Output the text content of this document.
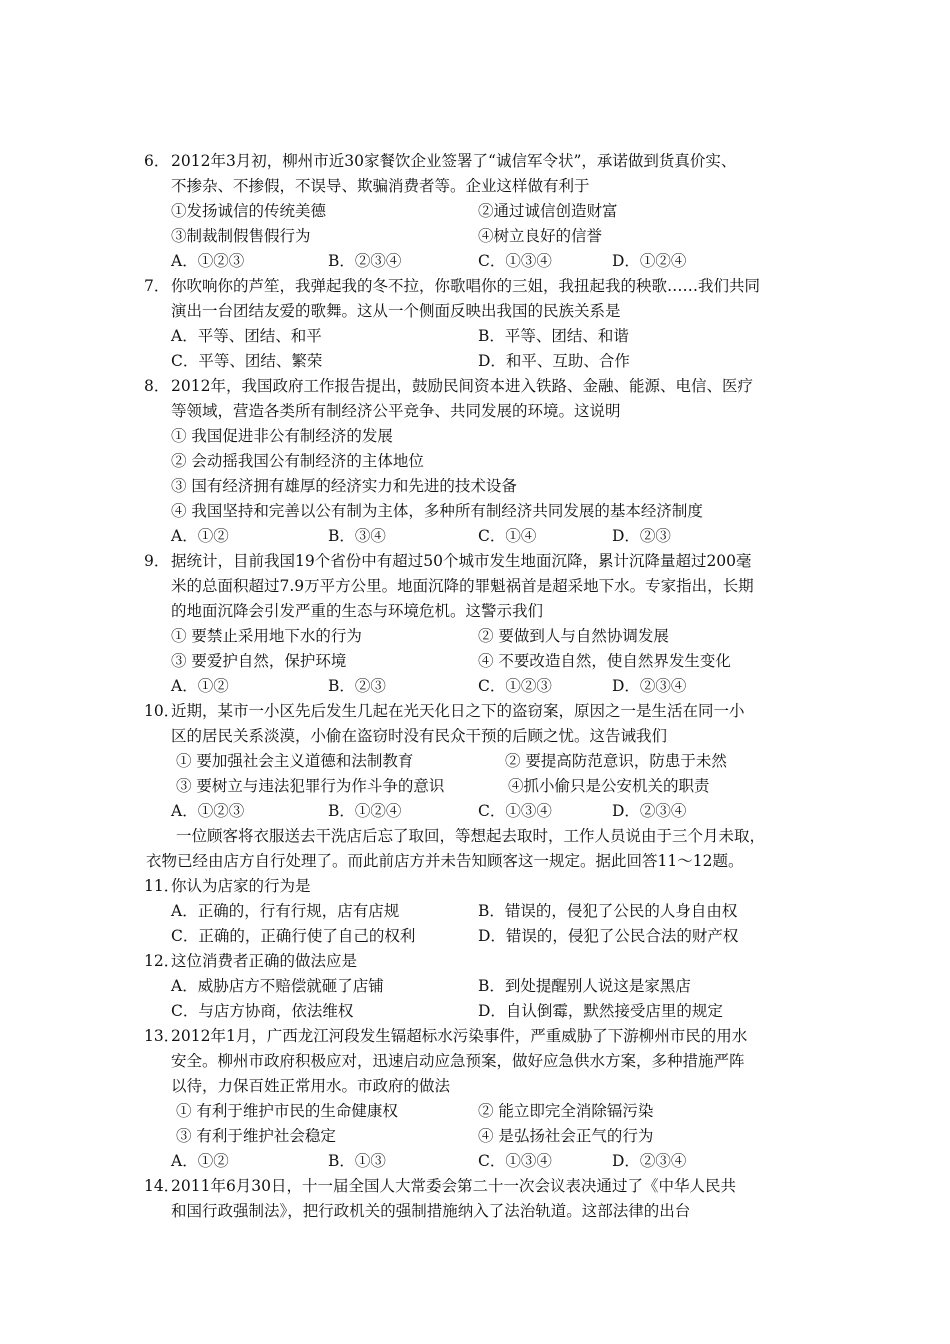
6． 2012年3月初，柳州市近30家餐饮企业签署了“诚信军令状”，承诺做到货真价实、
不掺杂、不掺假，不误导、欺骗消费者等。企业这样做有利于
①发扬诚信的传统美德	②通过诚信创造财富
③制裁制假售假行为	④树立良好的信誉
A．①②③	B．②③④	C．①③④	D．①②④
7． 你吹响你的芦笙，我弹起我的冬不拉，你歌唱你的三姐，我扭起我的秧歌……我们共同
演出一台团结友爱的歌舞。这从一个侧面反映出我国的民族关系是
A．平等、团结、和平	B．平等、团结、和谐
C．平等、团结、繁荣	D．和平、互助、合作
8． 2012年，我国政府工作报告提出，鼓励民间资本进入铁路、金融、能源、电信、医疗
等领域，营造各类所有制经济公平竞争、共同发展的环境。这说明
① 我国促进非公有制经济的发展
② 会动摇我国公有制经济的主体地位
③ 国有经济拥有雄厚的经济实力和先进的技术设备
④ 我国坚持和完善以公有制为主体，多种所有制经济共同发展的基本经济制度
A．①②	B．③④	C．①④	D．②③
9． 据统计，目前我国19个省份中有超过50个城市发生地面沉降，累计沉降量超过200毫
米的总面积超过7.9万平方公里。地面沉降的罪魁祸首是超采地下水。专家指出，长期
的地面沉降会引发严重的生态与环境危机。这警示我们
① 要禁止采用地下水的行为	② 要做到人与自然协调发展
③ 要爱护自然，保护环境	④ 不要改造自然，使自然界发生变化
A．①②	B．②③	C．①②③	D．②③④
10．
近期，某市一小区先后发生几起在光天化日之下的盗窃案，原因之一是生活在同一小
区的居民关系淡漠，小偷在盗窃时没有民众干预的后顾之忧。这告诫我们
① 要加强社会主义道德和法制教育	② 要提高防范意识，防患于未然
③ 要树立与违法犯罪行为作斗争的意识	④抓小偷只是公安机关的职责
A．①②③	B．①②④	C．①③④	D．②③④
一位顾客将衣服送去干洗店后忘了取回，等想起去取时，工作人员说由于三个月未取，
衣物已经由店方自行处理了。而此前店方并未告知顾客这一规定。据此回答11～12题。
11．
你认为店家的行为是
A．正确的，行有行规，店有店规	B．错误的，侵犯了公民的人身自由权
C．正确的，正确行使了自己的权利	D．错误的，侵犯了公民合法的财产权
12．
这位消费者正确的做法应是
A．威胁店方不赔偿就砸了店铺	B．到处提醒别人说这是家黑店
C．与店方协商，依法维权	D．自认倒霉，默然接受店里的规定
13．
2012年1月，广西龙江河段发生镉超标水污染事件，严重威胁了下游柳州市民的用水
安全。柳州市政府积极应对，迅速启动应急预案，做好应急供水方案，多种措施严阵
以待，力保百姓正常用水。市政府的做法
① 有利于维护市民的生命健康权	② 能立即完全消除镉污染
③ 有利于维护社会稳定	④ 是弘扬社会正气的行为
A．①②	B．①③	C．①③④	D．②③④
14．
2011年6月30日，十一届全国人大常委会第二十一次会议表决通过了《中华人民共
和国行政强制法》，把行政机关的强制措施纳入了法治轨道。这部法律的出台
